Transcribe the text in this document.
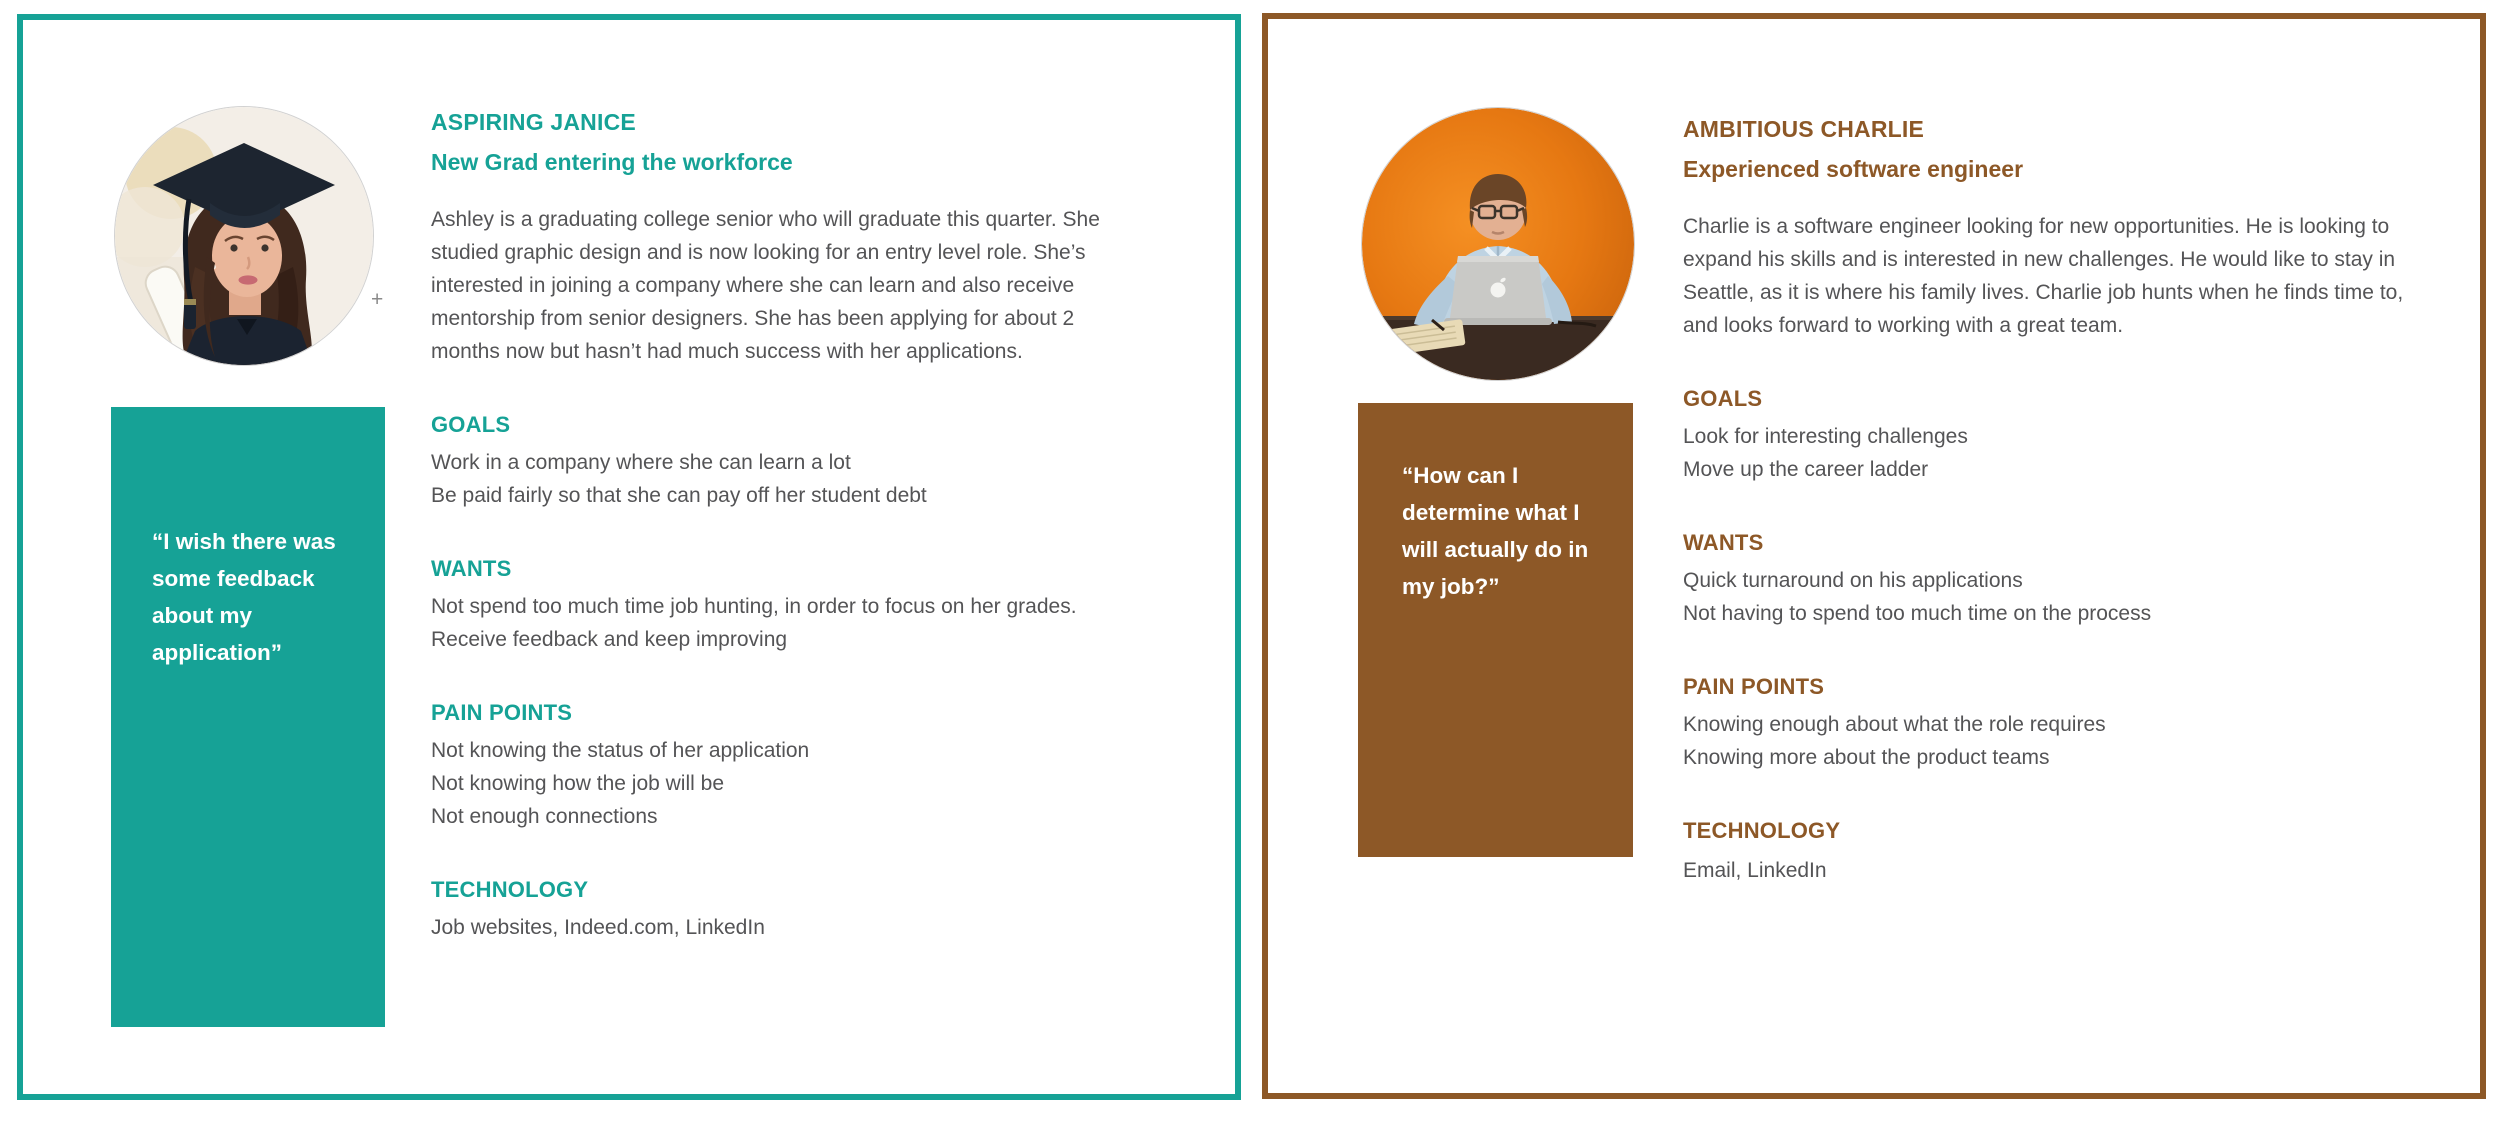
+
“I wish there was some feedback about my application”
ASPIRING JANICE
New Grad entering the workforce

Ashley is a graduating college senior who will graduate this quarter. She studied graphic design and is now looking for an entry level role. She’s interested in joining a company where she can learn and also receive mentorship from senior designers. She has been applying for about 2 months now but hasn’t had much success with her applications.

GOALS
Work in a company where she can learn a lot
Be paid fairly so that she can pay off her student debt
WANTS
Not spend too much time job hunting, in order to focus on her grades.
Receive feedback and keep improving
PAIN POINTS
Not knowing the status of her application
Not knowing how the job will be
Not enough connections
TECHNOLOGY
Job websites, Indeed.com, LinkedIn
“How can I determine what I will actually do in my job?”
AMBITIOUS CHARLIE
Experienced software engineer

Charlie is a software engineer looking for new opportunities. He is looking to expand his skills and is interested in new challenges. He would like to stay in Seattle, as it is where his family lives. Charlie job hunts when he finds time to, and looks forward to working with a great team.

GOALS
Look for interesting challenges
Move up the career ladder
WANTS
Quick turnaround on his applications
Not having to spend too much time on the process
PAIN POINTS
Knowing enough about what the role requires
Knowing more about the product teams
TECHNOLOGY
Email, LinkedIn
